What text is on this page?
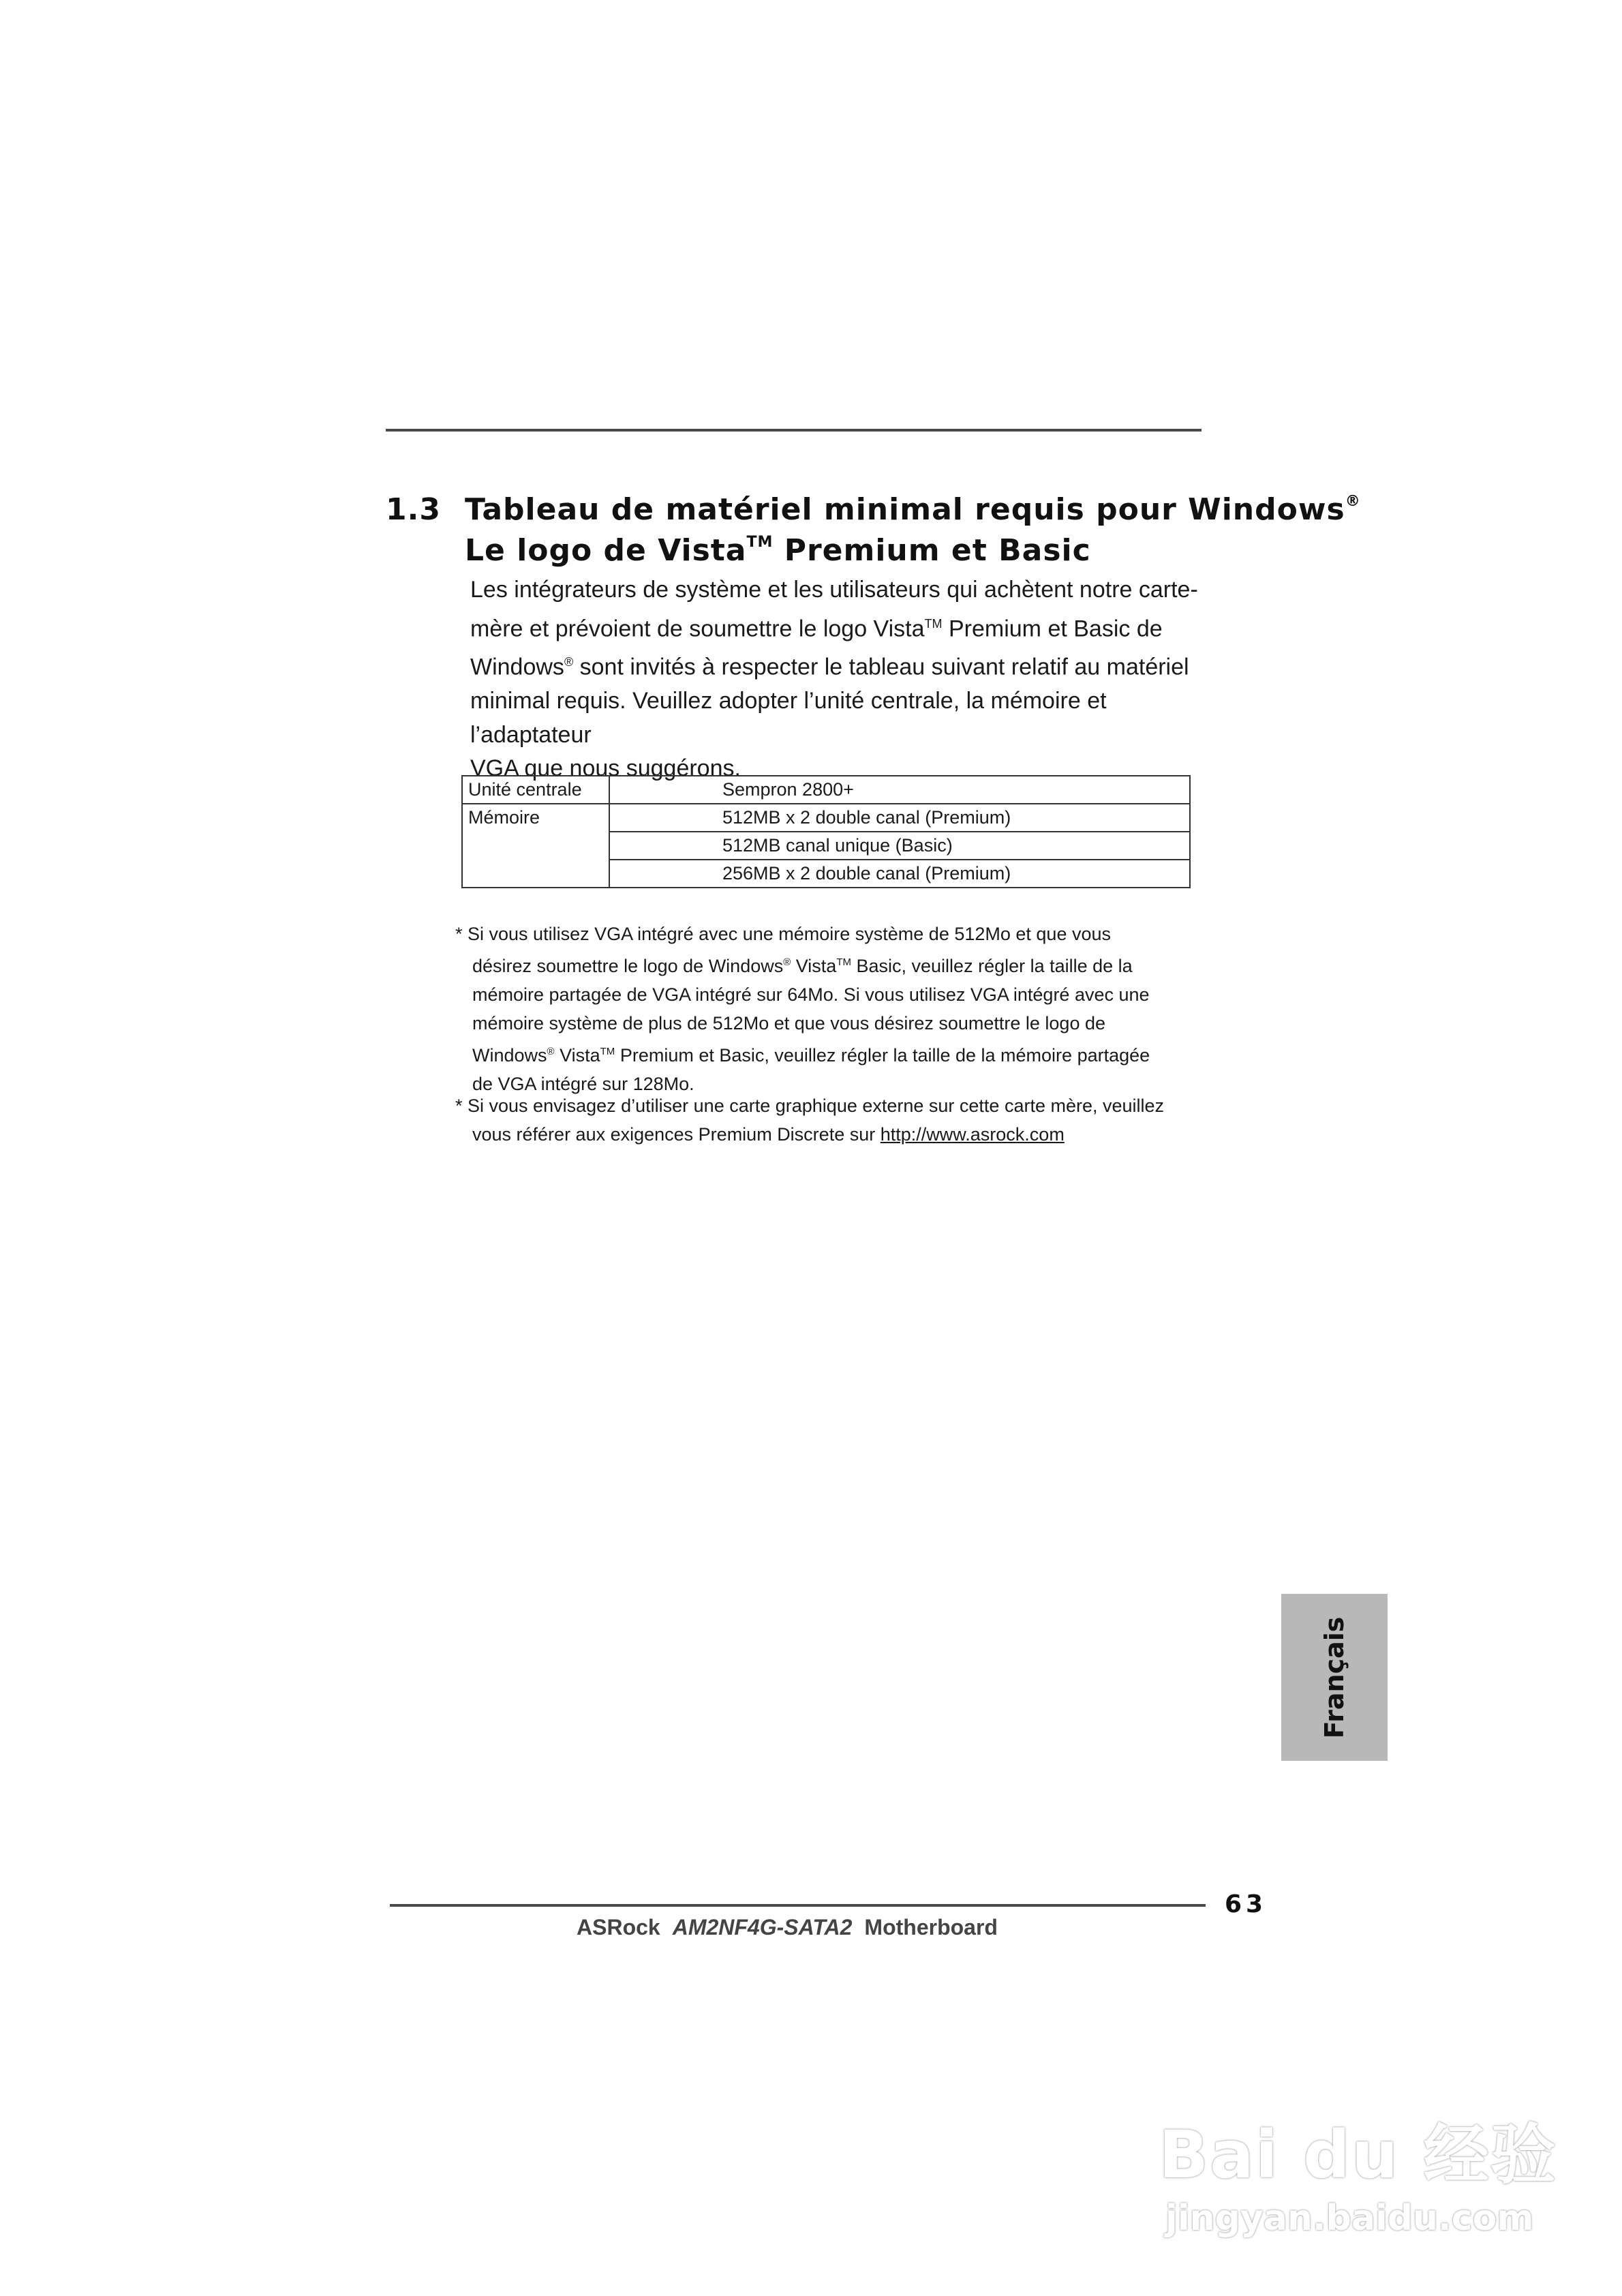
1.3 Tableau de matériel minimal requis pour Windows®
Le logo de Vista™ Premium et Basic
Les intégrateurs de système et les utilisateurs qui achètent notre carte-
mère et prévoient de soumettre le logo Vista™ Premium et Basic de
Windows® sont invités à respecter le tableau suivant relatif au matériel
minimal requis. Veuillez adopter l’unité centrale, la mémoire et l’adaptateur
VGA que nous suggérons.
Unité centrale	Sempron 2800+
Mémoire	512MB x 2 double canal (Premium)
	512MB canal unique (Basic)
	256MB x 2 double canal (Premium)
* Si vous utilisez VGA intégré avec une mémoire système de 512Mo et que vous
désirez soumettre le logo de Windows® Vista™ Basic, veuillez régler la taille de la
mémoire partagée de VGA intégré sur 64Mo. Si vous utilisez VGA intégré avec une
mémoire système de plus de 512Mo et que vous désirez soumettre le logo de
Windows® Vista™ Premium et Basic, veuillez régler la taille de la mémoire partagée
de VGA intégré sur 128Mo.
* Si vous envisagez d’utiliser une carte graphique externe sur cette carte mère, veuillez
vous référer aux exigences Premium Discrete sur http://www.asrock.com
Français
63
ASRock AM2NF4G-SATA2 Motherboard
Bai du 经验
jingyan.baidu.com
